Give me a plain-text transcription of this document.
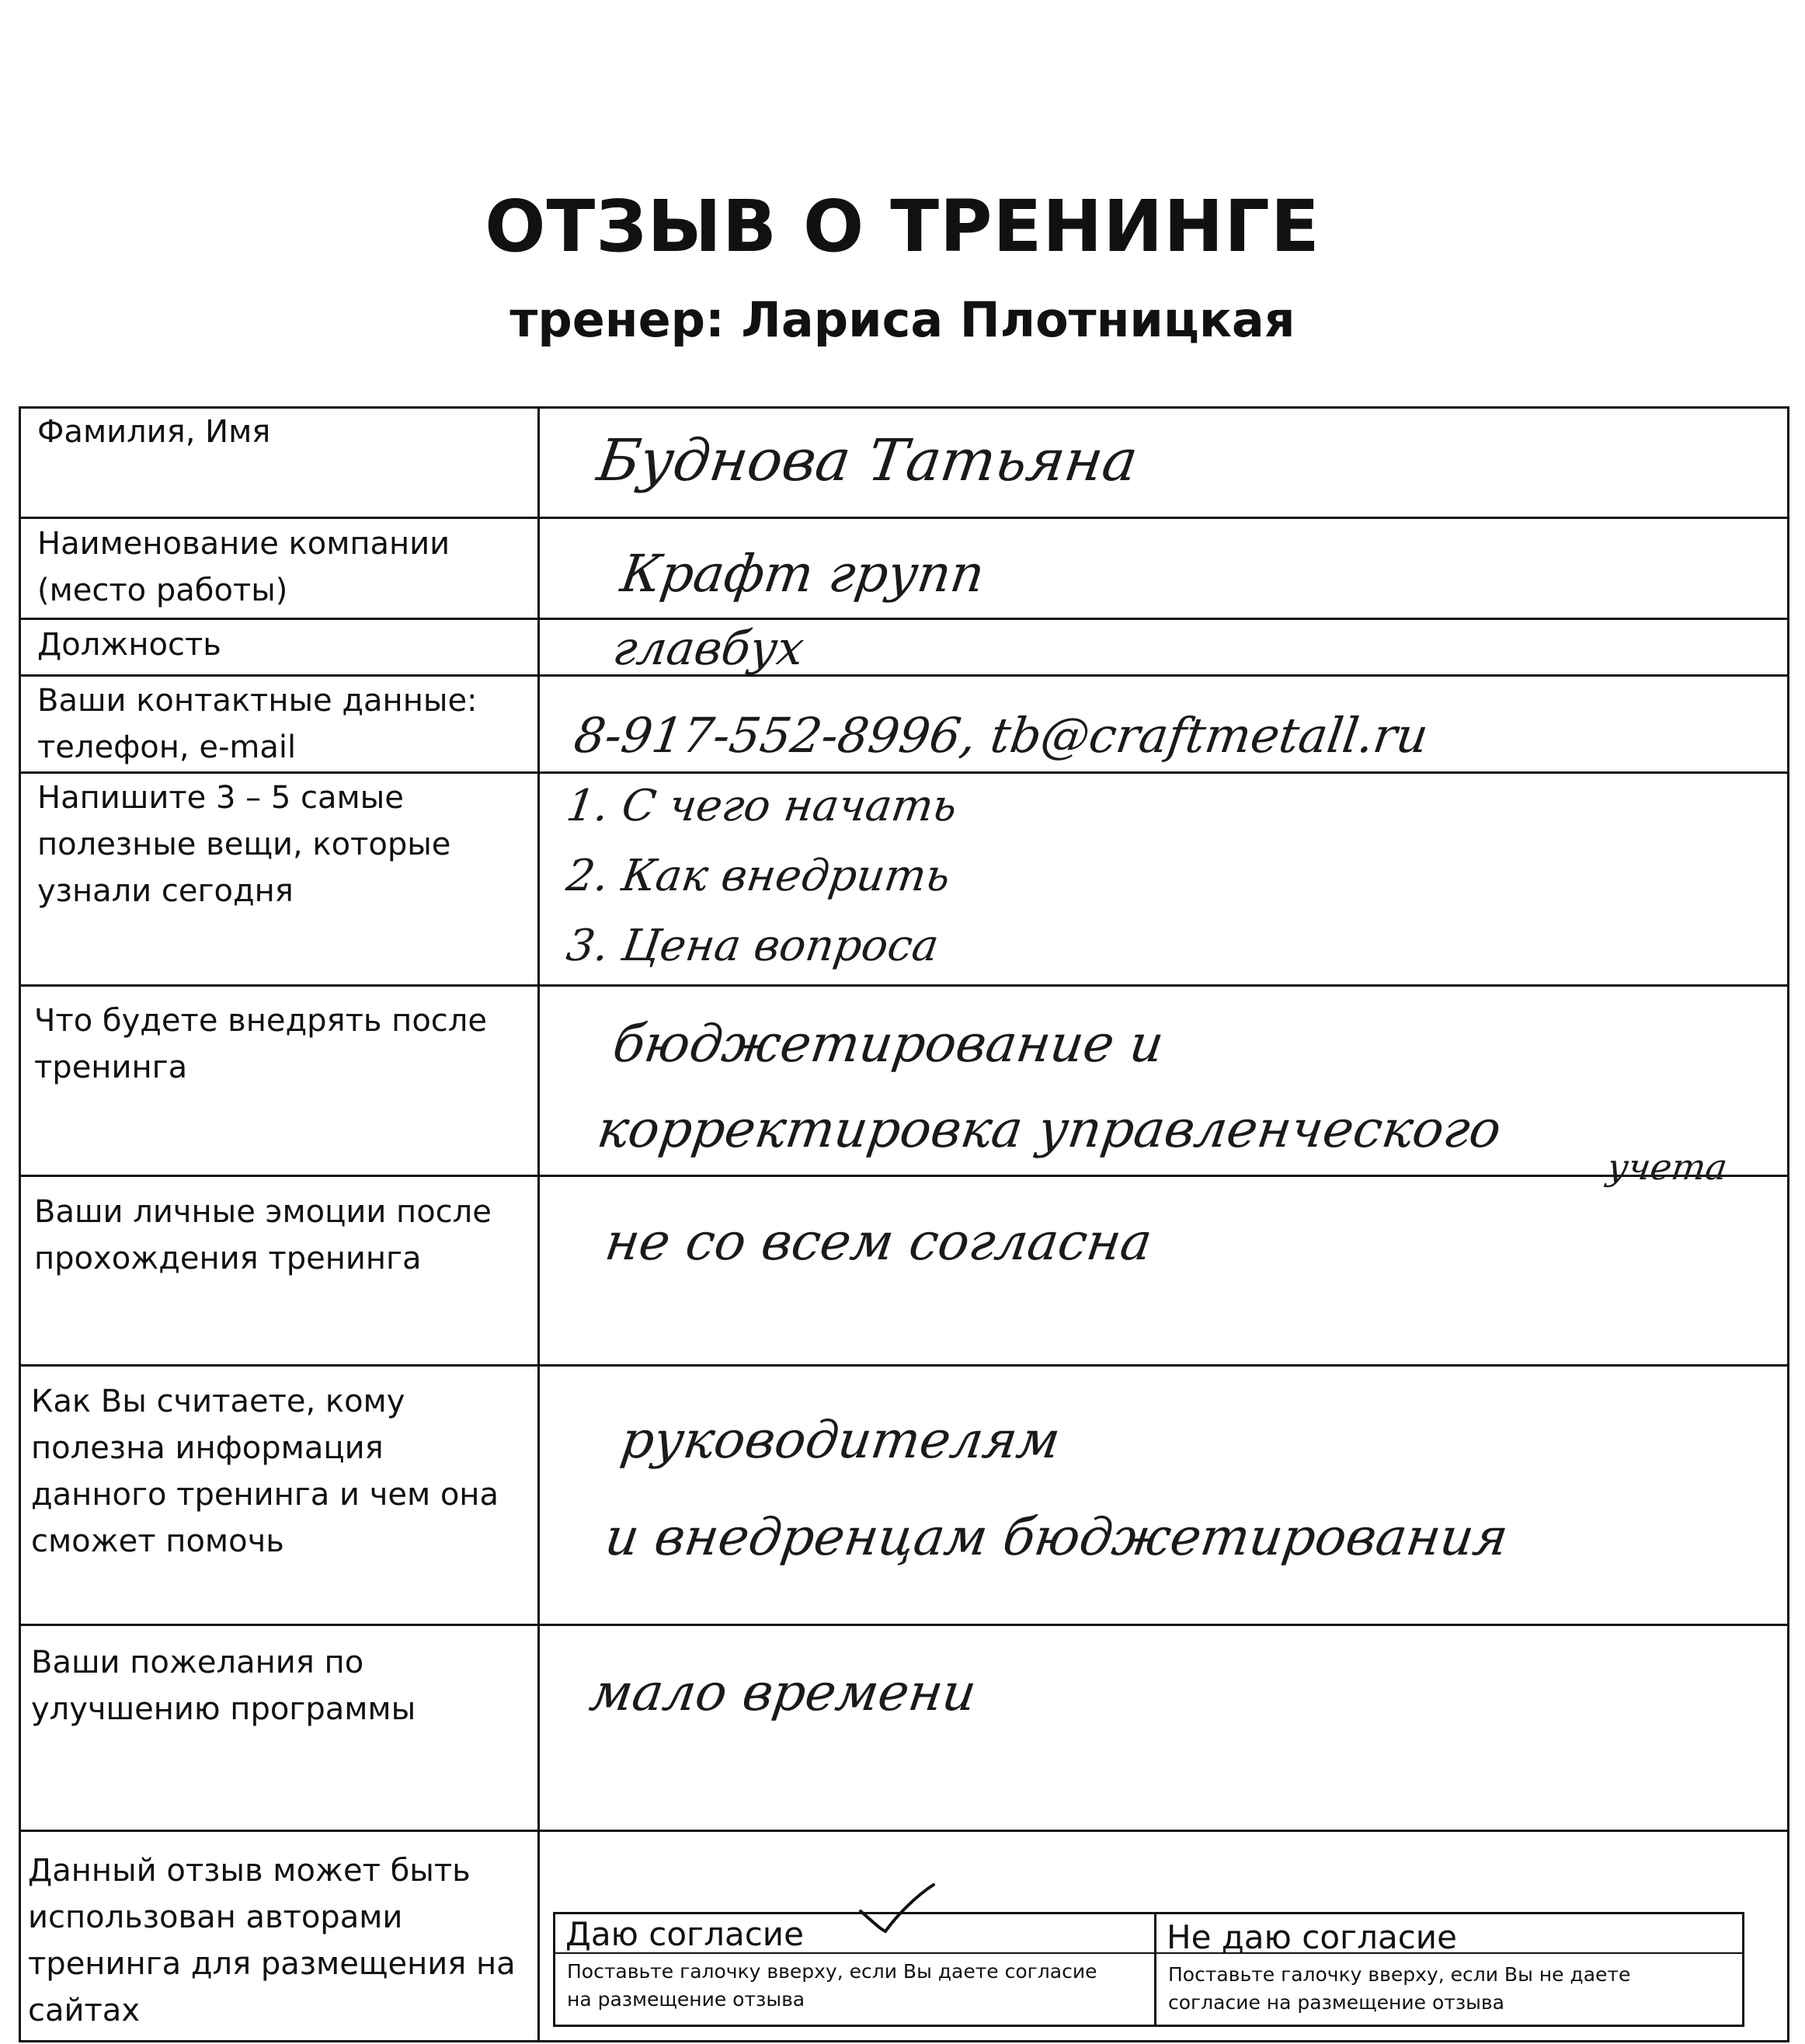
ОТЗЫВ О ТРЕНИНГЕ
тренер: Лариса Плотницкая
Фамилия, Имя
Наименование компании
(место работы)
Должность
Ваши контактные данные:
телефон, e-mail
Напишите 3 – 5 самые
полезные вещи, которые
узнали сегодня
Что будете внедрять после
тренинга
Ваши личные эмоции после
прохождения тренинга
Как Вы считаете, кому
полезна информация
данного тренинга и чем она
сможет помочь
Ваши пожелания по
улучшению программы
Данный отзыв может быть
использован авторами
тренинга для размещения на
сайтах
Буднова Татьяна
Крафт групп
главбух
8-917-552-8996, tb@craftmetall.ru
1. С чего начать
2. Как внедрить
3. Цена вопроса
бюджетирование и
корректировка управленческого
учета
не со всем согласна
руководителям
и внедренцам бюджетирования
мало времени
Даю согласие
Поставьте галочку вверху, если Вы даете согласие
на размещение отзыва
Не даю согласие
Поставьте галочку вверху, если Вы не даете
согласие на размещение отзыва
